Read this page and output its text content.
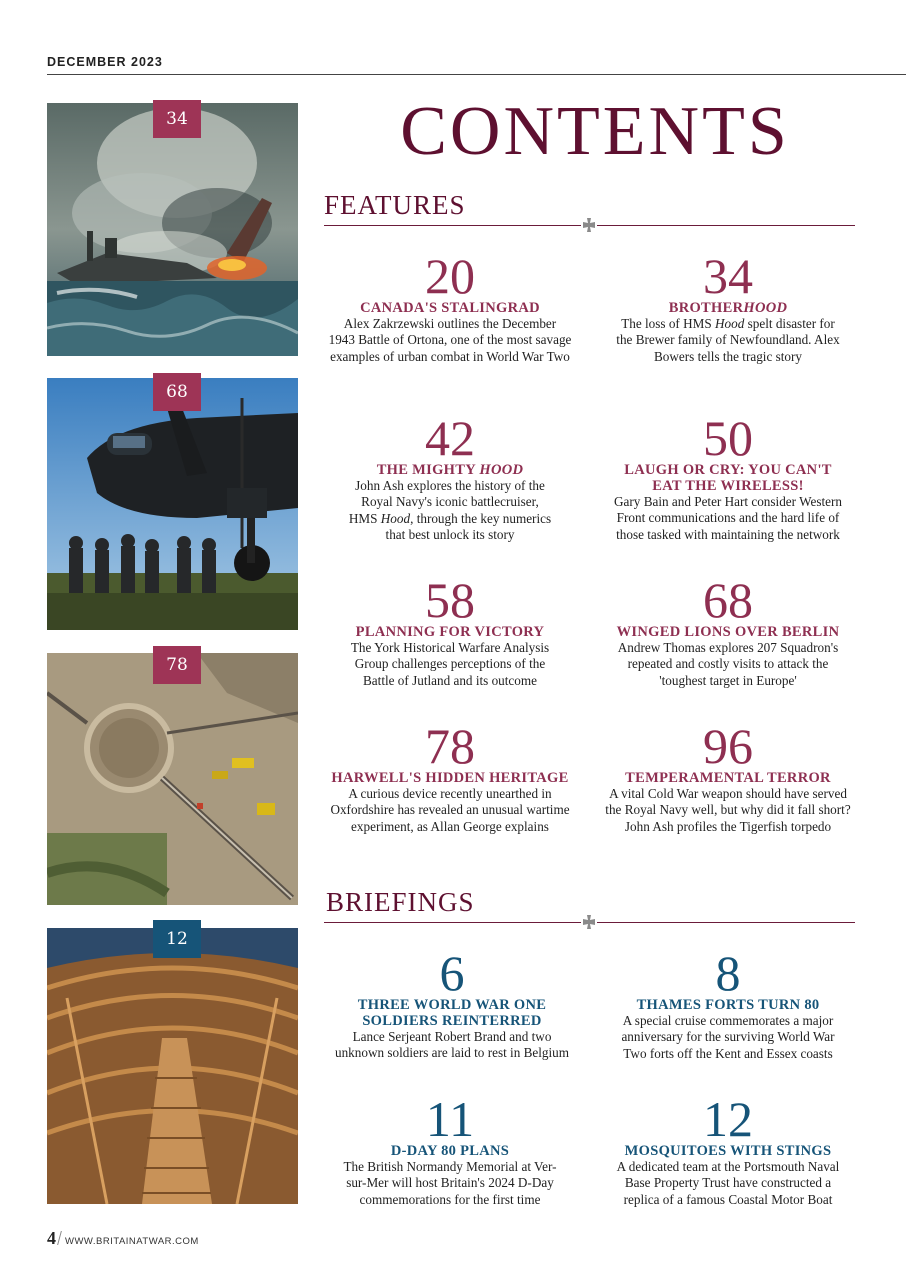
DECEMBER 2023
34
68
78
12
CONTENTS
FEATURES
20
CANADA'S STALINGRAD
Alex Zakrzewski outlines the December
1943 Battle of Ortona, one of the most savage
examples of urban combat in World War Two
34
BROTHERHOOD
The loss of HMS Hood spelt disaster for
the Brewer family of Newfoundland. Alex
Bowers tells the tragic story
42
THE MIGHTY HOOD
John Ash explores the history of the
Royal Navy's iconic battlecruiser,
HMS Hood, through the key numerics
that best unlock its story
50
LAUGH OR CRY: YOU CAN'T
EAT THE WIRELESS!
Gary Bain and Peter Hart consider Western
Front communications and the hard life of
those tasked with maintaining the network
58
PLANNING FOR VICTORY
The York Historical Warfare Analysis
Group challenges perceptions of the
Battle of Jutland and its outcome
68
WINGED LIONS OVER BERLIN
Andrew Thomas explores 207 Squadron's
repeated and costly visits to attack the
'toughest target in Europe'
78
HARWELL'S HIDDEN HERITAGE
A curious device recently unearthed in
Oxfordshire has revealed an unusual wartime
experiment, as Allan George explains
96
TEMPERAMENTAL TERROR
A vital Cold War weapon should have served
the Royal Navy well, but why did it fall short?
John Ash profiles the Tigerfish torpedo
BRIEFINGS
6
THREE WORLD WAR ONE
SOLDIERS REINTERRED
Lance Serjeant Robert Brand and two
unknown soldiers are laid to rest in Belgium
8
THAMES FORTS TURN 80
A special cruise commemorates a major
anniversary for the surviving World War
Two forts off the Kent and Essex coasts
11
D-DAY 80 PLANS
The British Normandy Memorial at Ver-
sur-Mer will host Britain's 2024 D-Day
commemorations for the first time
12
MOSQUITOES WITH STINGS
A dedicated team at the Portsmouth Naval
Base Property Trust have constructed a
replica of a famous Coastal Motor Boat
4 WWW.BRITAINATWAR.COM
